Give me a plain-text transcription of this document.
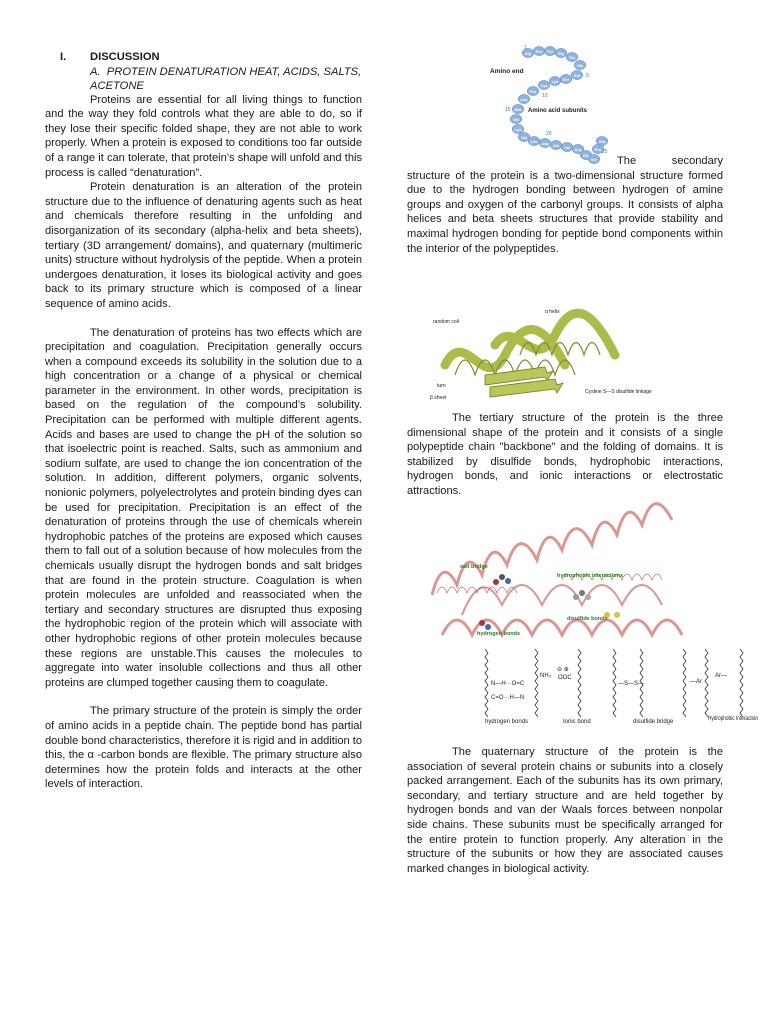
I. DISCUSSION
A. PROTEIN DENATURATION HEAT, ACIDS, SALTS, ACETONE

Proteins are essential for all living things to function and the way they fold controls what they are able to do, so if they lose their specific folded shape, they are not able to work properly. When a protein is exposed to conditions too far outside of a range it can tolerate, that protein’s shape will unfold and this process is called “denaturation”.

Protein denaturation is an alteration of the protein structure due to the influence of denaturing agents such as heat and chemicals therefore resulting in the unfolding and disorganization of its secondary (alpha-helix and beta sheets), tertiary (3D arrangement/ domains), and quaternary (multimeric units) structure without hydrolysis of the peptide. When a protein undergoes denaturation, it loses its biological activity and goes back to its primary structure which is composed of a linear sequence of amino acids.

The denaturation of proteins has two effects which are precipitation and coagulation. Precipitation generally occurs when a compound exceeds its solubility in the solution due to a high concentration or a change of a physical or chemical parameter in the environment. In other words, precipitation is based on the regulation of the compound’s solubility. Precipitation can be performed with multiple different agents. Acids and bases are used to change the pH of the solution so that isoelectric point is reached. Salts, such as ammonium and sodium sulfate, are used to change the ion concentration of the solution. In addition, different polymers, organic solvents, nonionic polymers, polyelectrolytes and protein binding dyes can be used for precipitation. Precipitation is an effect of the denaturation of proteins through the use of chemicals wherein hydrophobic patches of the proteins are exposed which causes them to fall out of a solution because of how molecules from the chemicals usually disrupt the hydrogen bonds and salt bridges that are found in the protein structure. Coagulation is when protein molecules are unfolded and reassociated when the tertiary and secondary structures are disrupted thus exposing the hydrophobic region of the protein which will associate with other hydrophobic regions of other protein molecules because these regions are unstable.This causes the molecules to aggregate into water insoluble collections and thus all other proteins are clumped together causing them to coagulate.

The primary structure of the protein is simply the order of amino acids in a peptide chain. The peptide bond has partial double bond characteristics, therefore it is rigid and in addition to this, the α -carbon bonds are flexible. The primary structure also determines how the protein folds and interacts at the other levels of interaction.

Gly Pro Thr Gly
Thr
Gly
Glu
Ser
Lys
Cys
Pro
Leu
Met
Val
Lys
Val
Leu Asp Ala Val Arg
Gly
Ser
Pro
Ala
1
5
10
15
20
25
Amino end
Amino acid subunits

The secondary structure of the protein is a two-dimensional structure formed due to the hydrogen bonding between hydrogen of amine groups and oxygen of the carbonyl groups. It consists of alpha helices and beta sheets structures that provide stability and maximal hydrogen bonding for peptide bond components within the interior of the polypeptides.

α helix
random coil
turn
β sheet
Cystine S—S disulfide linkage

The tertiary structure of the protein is the three dimensional shape of the protein and it consists of a single polypeptide chain "backbone" and the folding of domains. It is stabilized by disulfide bonds, hydrophobic interactions, hydrogen bonds, and ionic interactions or electrostatic attractions.

salt bridge
hydrophobic interactions
disulfide bonds
hydrogen bonds
N—H···O=C
C=O···H—N
NH₃
⊖ ⊕
OOC
—S—S—	—Ar
Ar—
hydrogen bonds	Ionic bond	disulfide bridge	Hydrophobic Interaction

The quaternary structure of the protein is the association of several protein chains or subunits into a closely packed arrangement. Each of the subunits has its own primary, secondary, and tertiary structure and are held together by hydrogen bonds and van der Waals forces between nonpolar side chains. These subunits must be specifically arranged for the entire protein to function properly. Any alteration in the structure of the subunits or how they are associated causes marked changes in biological activity.
